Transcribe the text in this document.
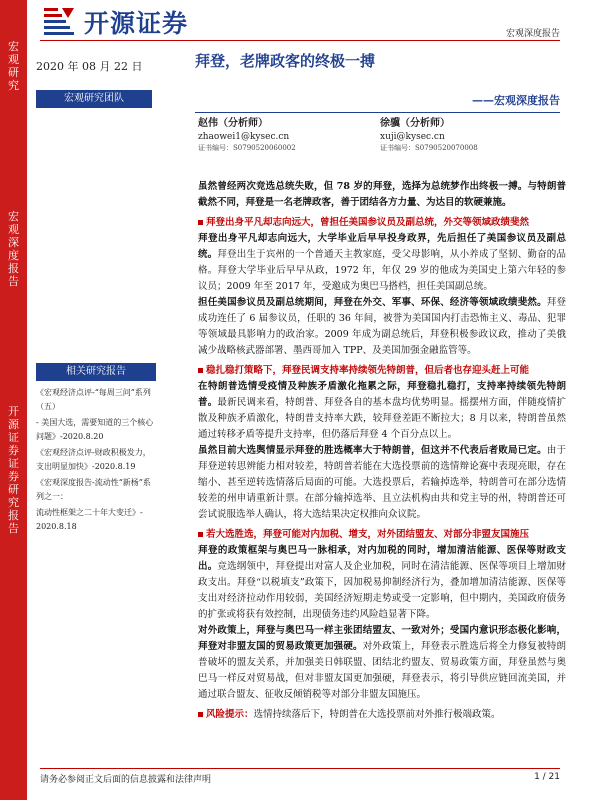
宏观研究
宏观深度报告
开源证券 证券研究报告
开源证券	宏观深度报告
2020 年 08 月 22 日
宏观研究团队
拜登，老牌政客的终极一搏
——宏观深度报告
赵伟（分析师）
zhaowei1@kysec.cn
证书编号：S0790520060002
徐骥（分析师）
xuji@kysec.cn
证书编号：S0790520070008
相关研究报告
《宏观经济点评-“每周三问”系列（五）
- 美国大选，需要知道的三个核心问题》-2020.8.20
《宏观经济点评-财政积极发力，支出明显加快》-2020.8.19
《宏观深度报告-流动性“新杨”系列之一：
流动性框架之二十年大变迁》- 2020.8.18

虽然曾经两次竞选总统失败，但 78 岁的拜登，选择为总统梦作出终极一搏。与特朗普截然不同，拜登是一名老牌政客，善于团结各方力量、为达目的软硬兼施。

拜登出身平凡却志向远大，曾担任美国参议员及副总统，外交等领域政绩斐然

拜登出身平凡却志向远大，大学毕业后早早投身政界，先后担任了美国参议员及副总统。拜登出生于宾州的一个普通天主教家庭，受父母影响，从小养成了坚韧、勤奋的品格。拜登大学毕业后早早从政，1972 年，年仅 29 岁的他成为美国史上第六年轻的参议员；2009 年至 2017 年，受邀成为奥巴马搭档，担任美国副总统。

担任美国参议员及副总统期间，拜登在外交、军事、环保、经济等领域政绩斐然。拜登成功连任了 6 届参议员，任职的 36 年间，被誉为美国国内打击恐怖主义、毒品、犯罪等领域最具影响力的政治家。2009 年成为副总统后，拜登积极参政议政，推动了美俄减少战略核武器部署、墨西哥加入 TPP、及美国加强金融监管等。

稳扎稳打策略下，拜登民调支持率持续领先特朗普，但后者也存迎头赶上可能

在特朗普选情受疫情及种族矛盾激化拖累之际，拜登稳扎稳打，支持率持续领先特朗普。最新民调来看，特朗普、拜登各自的基本盘均优势明显。摇摆州方面，伴随疫情扩散及种族矛盾激化，特朗普支持率大跌，较拜登差距不断拉大；8 月以来，特朗普虽然通过转移矛盾等提升支持率，但仍落后拜登 4 个百分点以上。

虽然目前大选舆情显示拜登的胜选概率大于特朗普，但这并不代表后者败局已定。由于拜登逆转思辨能力相对较差，特朗普若能在大选投票前的选情辩论赛中表现亮眼，存在缩小、甚至逆转选情落后局面的可能。大选投票后，若输掉选举，特朗普可在部分选情较差的州申请重新计票。在部分输掉选举、且立法机构由共和党主导的州，特朗普还可尝试说服选举人确认，将大选结果决定权推向众议院。

若大选胜选，拜登可能对内加税、增支，对外团结盟友、对部分非盟友国施压

拜登的政策框架与奥巴马一脉相承，对内加税的同时，增加清洁能源、医保等财政支出。竞选纲领中，拜登提出对富人及企业加税，同时在清洁能源、医保等项目上增加财政支出。拜登“以税填支”政策下，因加税易抑制经济行为，叠加增加清洁能源、医保等支出对经济拉动作用较弱，美国经济短期走势或受一定影响，但中期内，美国政府债务的扩张或将获有效控制，出现债务违约风险趋显著下降。

对外政策上，拜登与奥巴马一样主张团结盟友、一致对外；受国内意识形态极化影响，拜登对非盟友国的贸易政策更加强硬。对外政策上，拜登表示胜选后将全力修复被特朗普破坏的盟友关系，并加强美日韩联盟、团结北约盟友、贸易政策方面，拜登虽然与奥巴马一样反对贸易战，但对非盟友国更加强硬，拜登表示，将引导供应链回流美国，并通过联合盟友、征收反倾销税等对部分非盟友国施压。

风险提示：选情持续落后下，特朗普在大选投票前对外推行极端政策。

请务必参阅正文后面的信息披露和法律声明	1 / 21
